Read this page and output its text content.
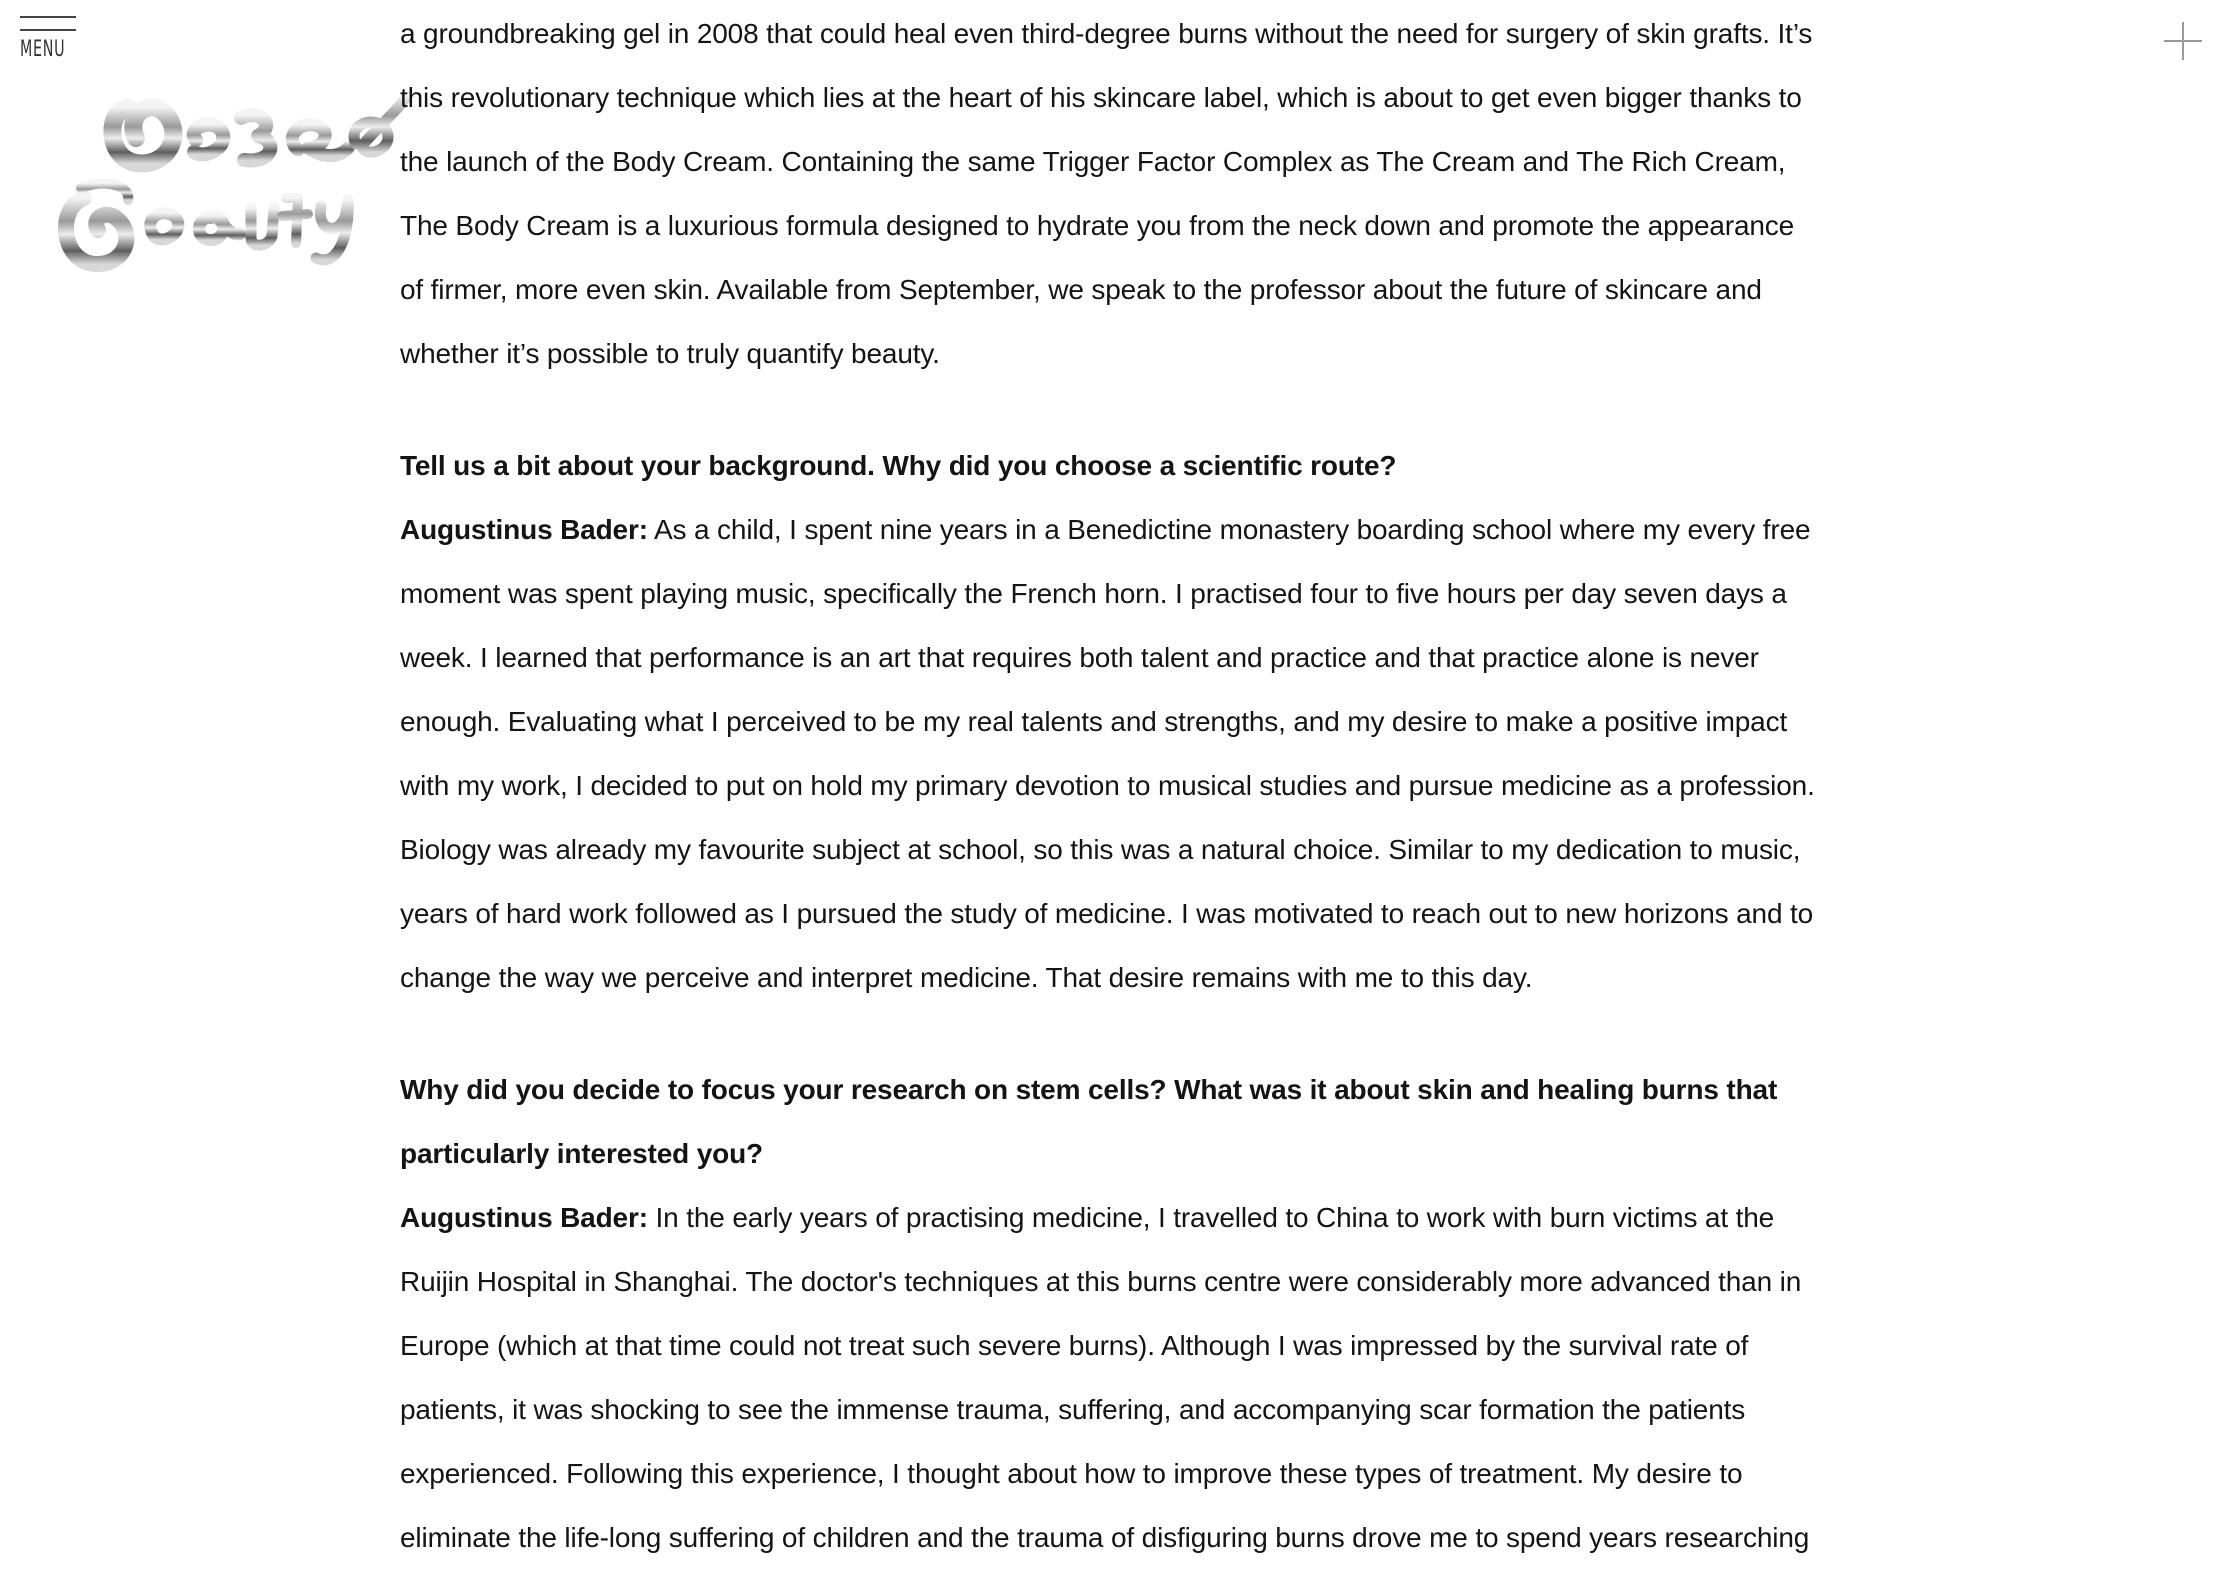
MENU

a groundbreaking gel in 2008 that could heal even third-degree burns without the need for surgery of skin grafts. It’s this revolutionary technique which lies at the heart of his skincare label, which is about to get even bigger thanks to the launch of the Body Cream. Containing the same Trigger Factor Complex as The Cream and The Rich Cream, The Body Cream is a luxurious formula designed to hydrate you from the neck down and promote the appearance of firmer, more even skin. Available from September, we speak to the professor about the future of skincare and whether it’s possible to truly quantify beauty.

Tell us a bit about your background. Why did you choose a scientific route?

Augustinus Bader: As a child, I spent nine years in a Benedictine monastery boarding school where my every free moment was spent playing music, specifically the French horn. I practised four to five hours per day seven days a week. I learned that performance is an art that requires both talent and practice and that practice alone is never enough. Evaluating what I perceived to be my real talents and strengths, and my desire to make a positive impact with my work, I decided to put on hold my primary devotion to musical studies and pursue medicine as a profession. Biology was already my favourite subject at school, so this was a natural choice. Similar to my dedication to music, years of hard work followed as I pursued the study of medicine. I was motivated to reach out to new horizons and to change the way we perceive and interpret medicine. That desire remains with me to this day.

Why did you decide to focus your research on stem cells? What was it about skin and healing burns that particularly interested you?

Augustinus Bader: In the early years of practising medicine, I travelled to China to work with burn victims at the Ruijin Hospital in Shanghai. The doctor's techniques at this burns centre were considerably more advanced than in Europe (which at that time could not treat such severe burns). Although I was impressed by the survival rate of patients, it was shocking to see the immense trauma, suffering, and accompanying scar formation the patients experienced. Following this experience, I thought about how to improve these types of treatment. My desire to eliminate the life-long suffering of children and the trauma of disfiguring burns drove me to spend years researching
